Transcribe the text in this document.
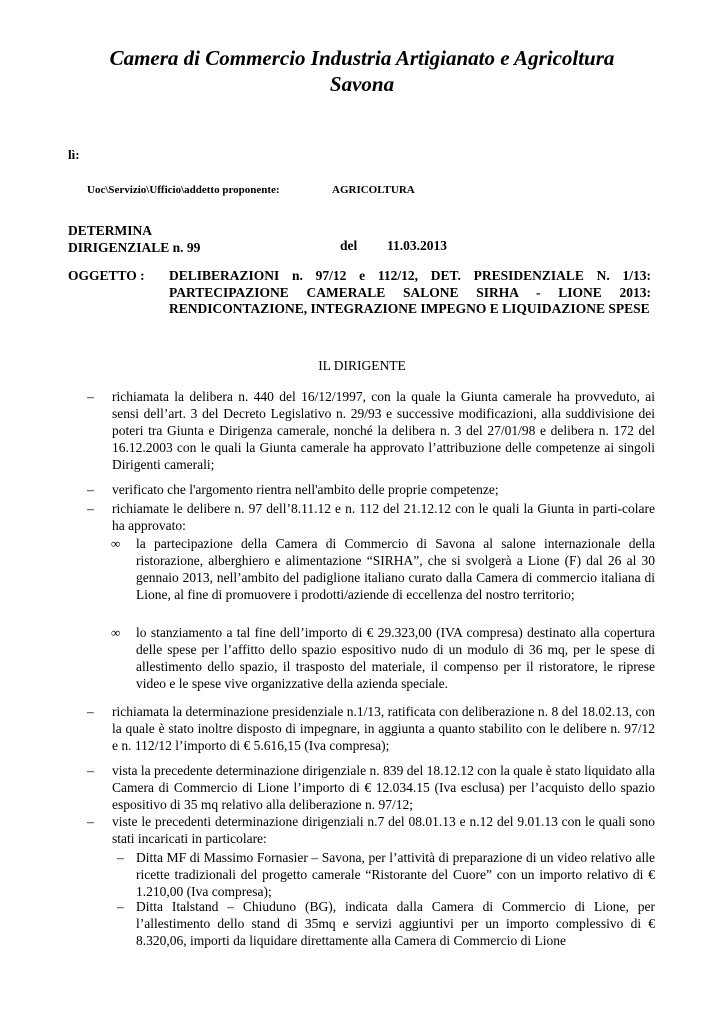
Camera di Commercio Industria Artigianato e Agricoltura
Savona
lì:
Uoc\Servizio\Ufficio\addetto proponente:	AGRICOLTURA
DETERMINA
DIRIGENZIALE n. 99	del 11.03.2013
OGGETTO : DELIBERAZIONI n. 97/12 e 112/12, DET. PRESIDENZIALE N. 1/13: PARTECIPAZIONE CAMERALE SALONE SIRHA - LIONE 2013: RENDICONTAZIONE, INTEGRAZIONE IMPEGNO E LIQUIDAZIONE SPESE
IL DIRIGENTE
–	richiamata la delibera n. 440 del 16/12/1997, con la quale la Giunta camerale ha provveduto, ai sensi dell’art. 3 del Decreto Legislativo n. 29/93 e successive modificazioni, alla suddivisione dei poteri tra Giunta e Dirigenza camerale, nonché la delibera n. 3 del 27/01/98 e delibera n. 172 del 16.12.2003 con le quali la Giunta camerale ha approvato l’attribuzione delle competenze ai singoli Dirigenti camerali;
–	verificato che l'argomento rientra nell'ambito delle proprie competenze;
–	richiamate le delibere n. 97 dell’8.11.12 e n. 112 del 21.12.12 con le quali la Giunta in parti-colare ha approvato:
∞	la partecipazione della Camera di Commercio di Savona al salone internazionale della ristorazione, alberghiero e alimentazione “SIRHA”, che si svolgerà a Lione (F) dal 26 al 30 gennaio 2013, nell’ambito del padiglione italiano curato dalla Camera di commercio italiana di Lione, al fine di promuovere i prodotti/aziende di eccellenza del nostro territorio;
∞	lo stanziamento a tal fine dell’importo di € 29.323,00 (IVA compresa) destinato alla copertura delle spese per l’affitto dello spazio espositivo nudo di un modulo di 36 mq, per le spese di allestimento dello spazio, il trasposto del materiale, il compenso per il ristoratore, le riprese video e le spese vive organizzative della azienda speciale.
–	richiamata la determinazione presidenziale n.1/13, ratificata con deliberazione n. 8 del 18.02.13, con la quale è stato inoltre disposto di impegnare, in aggiunta a quanto stabilito con le delibere n. 97/12 e n. 112/12 l’importo di € 5.616,15 (Iva compresa);
–	vista la precedente determinazione dirigenziale n. 839 del 18.12.12 con la quale è stato liquidato alla Camera di Commercio di Lione l’importo di € 12.034.15 (Iva esclusa) per l’acquisto dello spazio espositivo di 35 mq relativo alla deliberazione n. 97/12;
–	viste le precedenti determinazione dirigenziali n.7 del 08.01.13 e n.12 del 9.01.13 con le quali sono stati incaricati in particolare:
– Ditta MF di Massimo Fornasier – Savona, per l’attività di preparazione di un video relativo alle ricette tradizionali del progetto camerale “Ristorante del Cuore” con un importo relativo di € 1.210,00 (Iva compresa);
– Ditta Italstand – Chiuduno (BG), indicata dalla Camera di Commercio di Lione, per l’allestimento dello stand di 35mq e servizi aggiuntivi per un importo complessivo di € 8.320,06, importi da liquidare direttamente alla Camera di Commercio di Lione
